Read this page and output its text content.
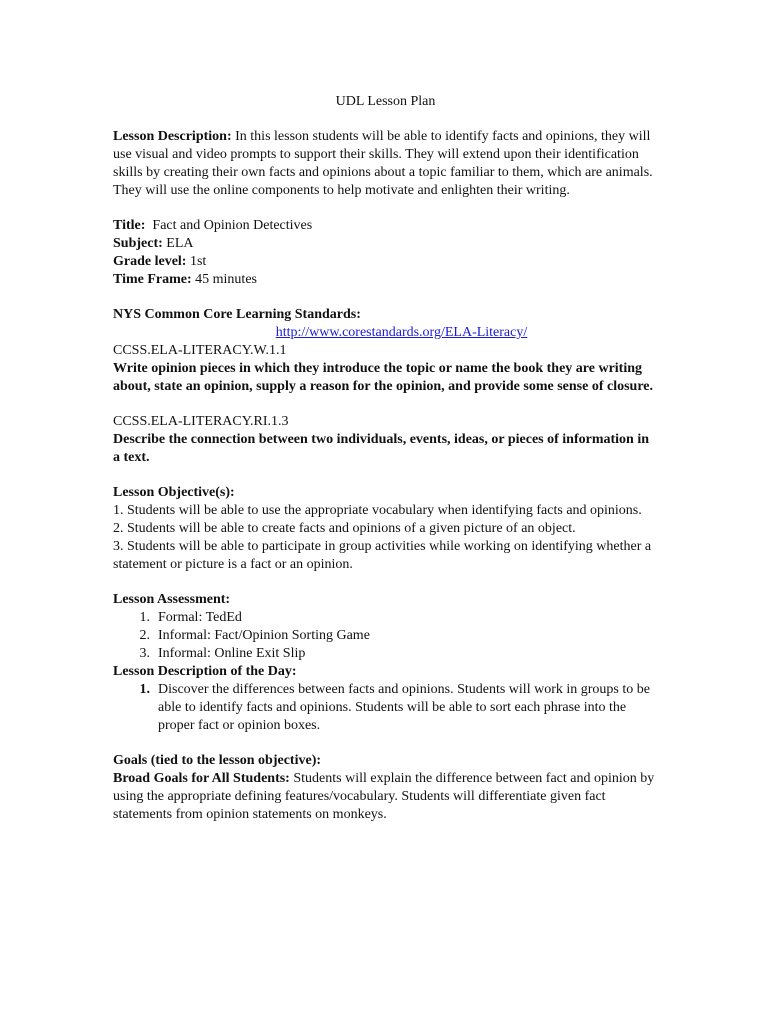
UDL Lesson Plan

Lesson Description: In this lesson students will be able to identify facts and opinions, they will use visual and video prompts to support their skills. They will extend upon their identification skills by creating their own facts and opinions about a topic familiar to them, which are animals. They will use the online components to help motivate and enlighten their writing.

Title:  Fact and Opinion Detectives

Subject: ELA

Grade level: 1st

Time Frame: 45 minutes

NYS Common Core Learning Standards:

http://www.corestandards.org/ELA-Literacy/

CCSS.ELA-LITERACY.W.1.1

Write opinion pieces in which they introduce the topic or name the book they are writing about, state an opinion, supply a reason for the opinion, and provide some sense of closure.

CCSS.ELA-LITERACY.RI.1.3

Describe the connection between two individuals, events, ideas, or pieces of information in a text.

Lesson Objective(s):

1. Students will be able to use the appropriate vocabulary when identifying facts and opinions.

2. Students will be able to create facts and opinions of a given picture of an object.

3. Students will be able to participate in group activities while working on identifying whether a statement or picture is a fact or an opinion.

Lesson Assessment:

1. Formal: TedEd
2. Informal: Fact/Opinion Sorting Game
3. Informal: Online Exit Slip

Lesson Description of the Day:

1. Discover the differences between facts and opinions. Students will work in groups to be able to identify facts and opinions. Students will be able to sort each phrase into the proper fact or opinion boxes.

Goals (tied to the lesson objective):

Broad Goals for All Students: Students will explain the difference between fact and opinion by using the appropriate defining features/vocabulary. Students will differentiate given fact statements from opinion statements on monkeys.
